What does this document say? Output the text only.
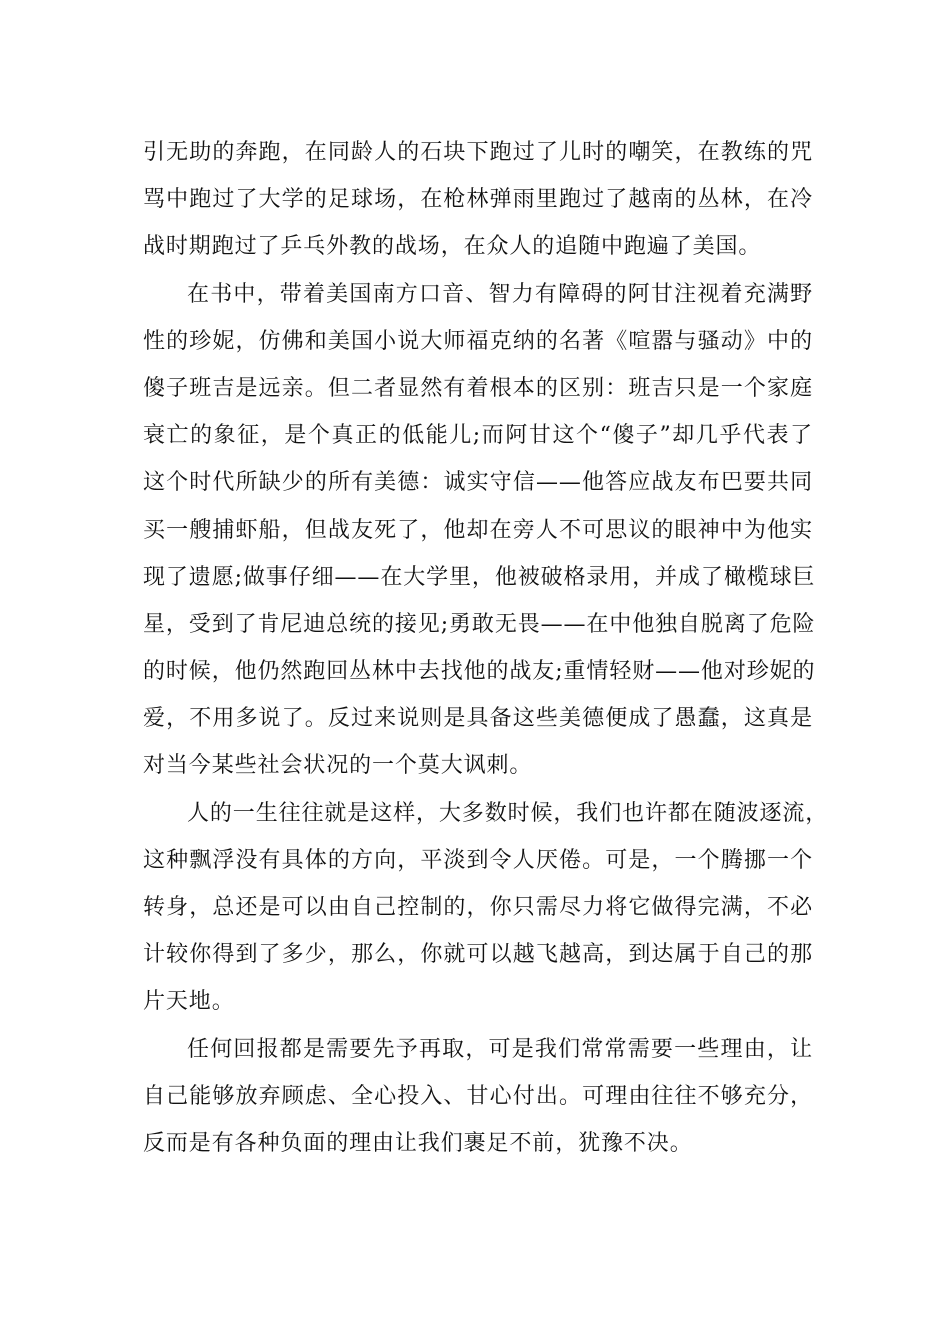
引无助的奔跑，在同龄人的石块下跑过了儿时的嘲笑，在教练的咒
骂中跑过了大学的足球场，在枪林弹雨里跑过了越南的丛林，在冷
战时期跑过了乒乓外教的战场，在众人的追随中跑遍了美国。
在书中，带着美国南方口音、智力有障碍的阿甘注视着充满野
性的珍妮，仿佛和美国小说大师福克纳的名著《喧嚣与骚动》中的
傻子班吉是远亲。但二者显然有着根本的区别：班吉只是一个家庭
衰亡的象征，是个真正的低能儿;而阿甘这个“傻子”却几乎代表了
这个时代所缺少的所有美德：诚实守信——他答应战友布巴要共同
买一艘捕虾船，但战友死了，他却在旁人不可思议的眼神中为他实
现了遗愿;做事仔细——在大学里，他被破格录用，并成了橄榄球巨
星，受到了肯尼迪总统的接见;勇敢无畏——在中他独自脱离了危险
的时候，他仍然跑回丛林中去找他的战友;重情轻财——他对珍妮的
爱，不用多说了。反过来说则是具备这些美德便成了愚蠢，这真是
对当今某些社会状况的一个莫大讽刺。
人的一生往往就是这样，大多数时候，我们也许都在随波逐流，
这种飘浮没有具体的方向，平淡到令人厌倦。可是，一个腾挪一个
转身，总还是可以由自己控制的，你只需尽力将它做得完满，不必
计较你得到了多少，那么，你就可以越飞越高，到达属于自己的那
片天地。
任何回报都是需要先予再取，可是我们常常需要一些理由，让
自己能够放弃顾虑、全心投入、甘心付出。可理由往往不够充分，
反而是有各种负面的理由让我们裹足不前，犹豫不决。
